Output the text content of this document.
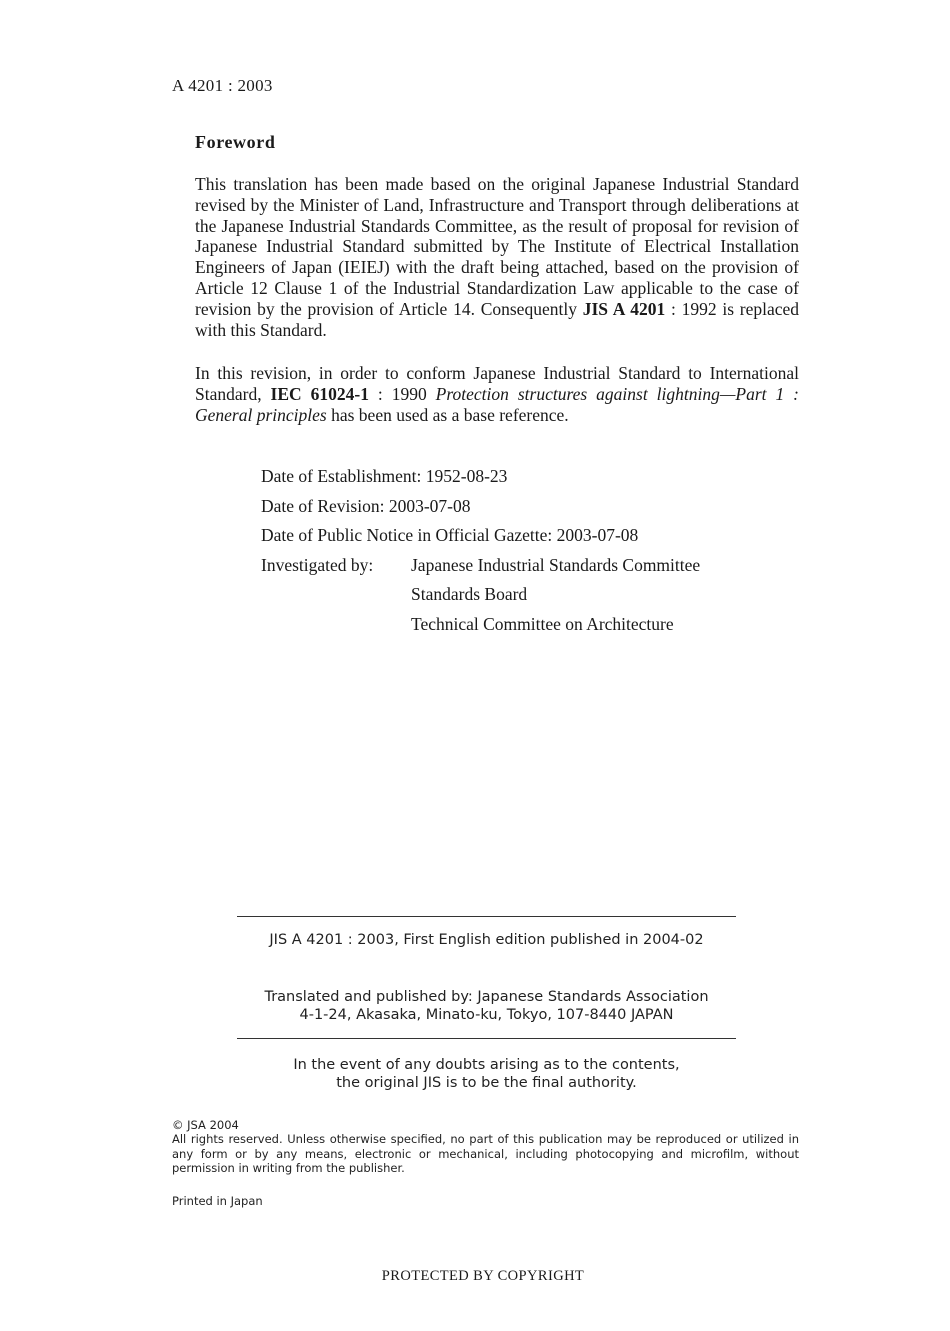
A 4201 : 2003
Foreword
This translation has been made based on the original Japanese Industrial Standard revised by the Minister of Land, Infrastructure and Transport through deliberations at the Japanese Industrial Standards Committee, as the result of proposal for revision of Japanese Industrial Standard submitted by The Institute of Electrical Installation Engineers of Japan (IEIEJ) with the draft being attached, based on the provision of Article 12 Clause 1 of the Industrial Standardization Law applicable to the case of revision by the provision of Article 14. Consequently JIS A 4201 : 1992 is replaced with this Standard.
In this revision, in order to conform Japanese Industrial Standard to International Standard, IEC 61024-1 : 1990 Protection structures against lightning—Part 1 : General principles has been used as a base reference.
Date of Establishment: 1952-08-23
Date of Revision: 2003-07-08
Date of Public Notice in Official Gazette: 2003-07-08
Investigated by: Japanese Industrial Standards Committee
Standards Board
Technical Committee on Architecture
JIS A 4201 : 2003, First English edition published in 2004-02
Translated and published by: Japanese Standards Association
4-1-24, Akasaka, Minato-ku, Tokyo, 107-8440 JAPAN
In the event of any doubts arising as to the contents,
the original JIS is to be the final authority.
© JSA 2004
All rights reserved. Unless otherwise specified, no part of this publication may be reproduced or utilized in any form or by any means, electronic or mechanical, including photocopying and microfilm, without permission in writing from the publisher.
Printed in Japan
PROTECTED BY COPYRIGHT
